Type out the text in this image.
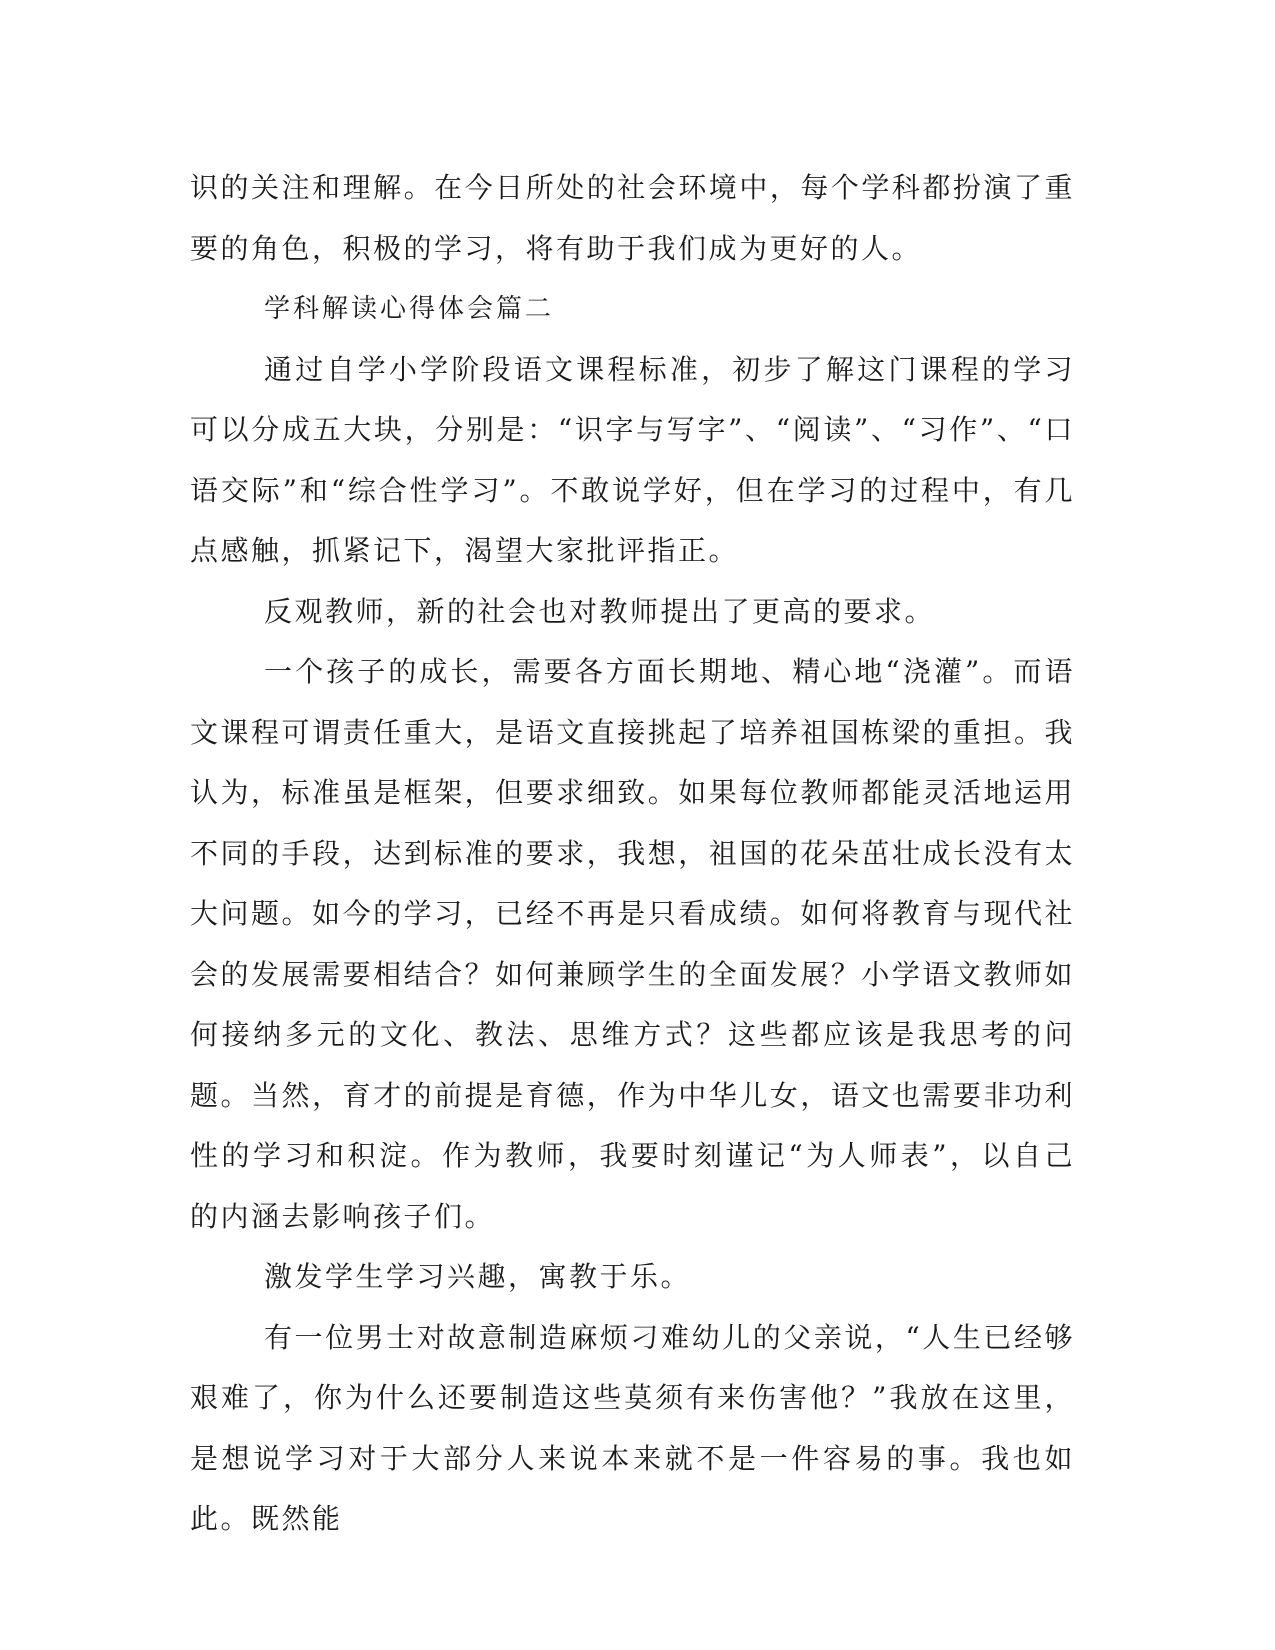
识的关注和理解。在今日所处的社会环境中，每个学科都扮演了重要的角色，积极的学习，将有助于我们成为更好的人。

学科解读心得体会篇二

通过自学小学阶段语文课程标准，初步了解这门课程的学习可以分成五大块，分别是：“识字与写字”、“阅读”、“习作”、“口语交际”和“综合性学习”。不敢说学好，但在学习的过程中，有几点感触，抓紧记下，渴望大家批评指正。

反观教师，新的社会也对教师提出了更高的要求。

一个孩子的成长，需要各方面长期地、精心地“浇灌”。而语文课程可谓责任重大，是语文直接挑起了培养祖国栋梁的重担。我认为，标准虽是框架，但要求细致。如果每位教师都能灵活地运用不同的手段，达到标准的要求，我想，祖国的花朵茁壮成长没有太大问题。如今的学习，已经不再是只看成绩。如何将教育与现代社会的发展需要相结合？如何兼顾学生的全面发展？小学语文教师如何接纳多元的文化、教法、思维方式？这些都应该是我思考的问题。当然，育才的前提是育德，作为中华儿女，语文也需要非功利性的学习和积淀。作为教师，我要时刻谨记“为人师表”，以自己的内涵去影响孩子们。

激发学生学习兴趣，寓教于乐。

有一位男士对故意制造麻烦刁难幼儿的父亲说，“人生已经够艰难了，你为什么还要制造这些莫须有来伤害他？”我放在这里，是想说学习对于大部分人来说本来就不是一件容易的事。我也如此。既然能
